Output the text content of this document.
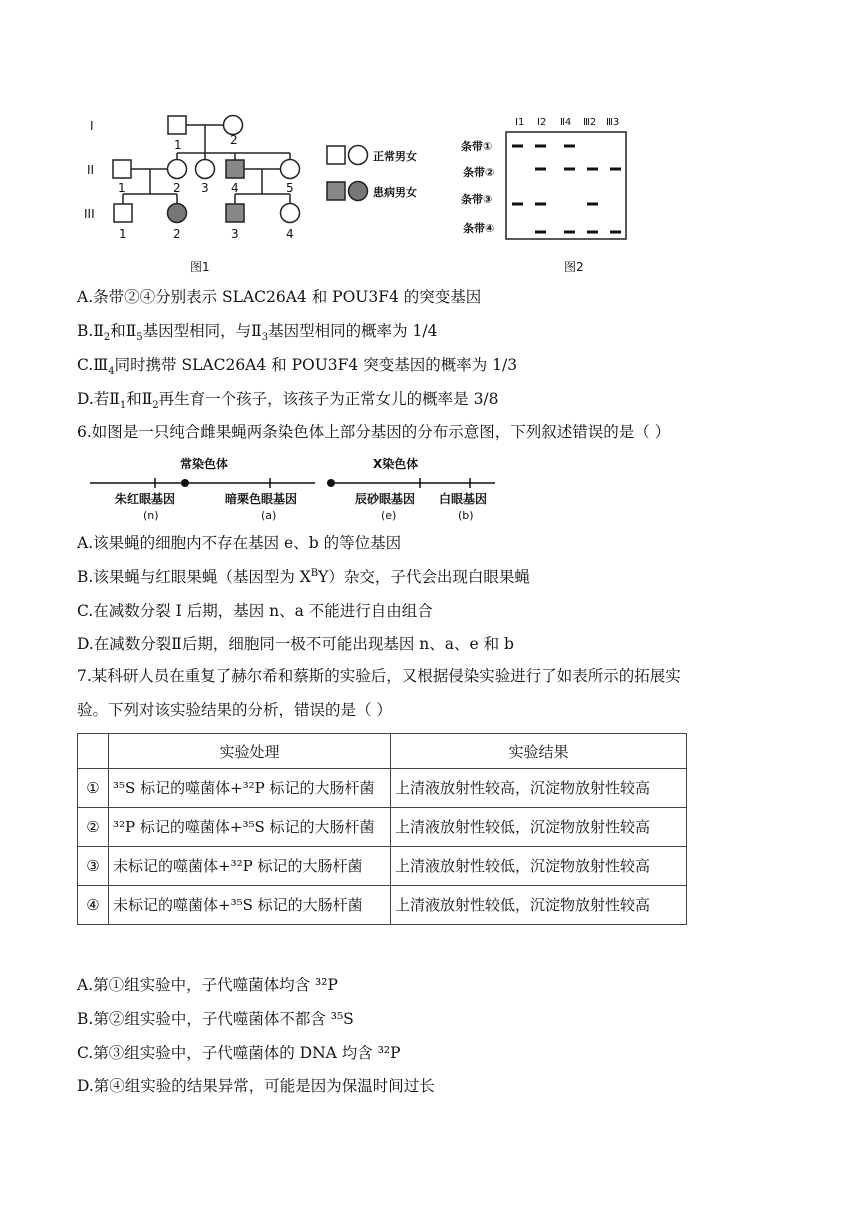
I
II
III
1	2
1	2 3 4	5
1	2	3	4
正常男女
患病男女
图1
Ⅰ1 Ⅰ2 Ⅱ4 Ⅲ2 Ⅲ3
条带①
条带②
条带③
条带④
图2
A.条带②④分别表示 SLAC26A4 和 POU3F4 的突变基因
$B.Ⅱ_2$和$Ⅱ_5$基因型相同，与$Ⅱ_3$基因型相同的概率为 1/4
$C.Ⅲ_4$同时携带 SLAC26A4 和 POU3F4 突变基因的概率为 1/3
D.若$Ⅱ_1$和$Ⅱ_2$再生育一个孩子，该孩子为正常女儿的概率是 3/8
6.如图是一只纯合雌果蝇两条染色体上部分基因的分布示意图，下列叙述错误的是（ ）
常染色体	X染色体
朱红眼基因	暗栗色眼基因	辰砂眼基因 白眼基因
(n)	(a)	(e)	(b)
A.该果蝇的细胞内不存在基因 e、b 的等位基因
B.该果蝇与红眼果蝇（基因型为 $X^BY$）杂交，子代会出现白眼果蝇
C.在减数分裂 I 后期，基因 n、a 不能进行自由组合
D.在减数分裂Ⅱ后期，细胞同一极不可能出现基因 n、a、e 和 b
7.某科研人员在重复了赫尔希和蔡斯的实验后，又根据侵染实验进行了如表所示的拓展实
验。下列对该实验结果的分析，错误的是（ ）
	实验处理	实验结果
①	³⁵S 标记的噬菌体+³²P 标记的大肠杆菌	上清液放射性较高，沉淀物放射性较高
②	³²P 标记的噬菌体+³⁵S 标记的大肠杆菌	上清液放射性较低，沉淀物放射性较高
③	未标记的噬菌体+³²P 标记的大肠杆菌	上清液放射性较低，沉淀物放射性较高
④	未标记的噬菌体+³⁵S 标记的大肠杆菌	上清液放射性较低，沉淀物放射性较高
A.第①组实验中，子代噬菌体均含 ³²P
B.第②组实验中，子代噬菌体不都含 ³⁵S
C.第③组实验中，子代噬菌体的 DNA 均含 ³²P
D.第④组实验的结果异常，可能是因为保温时间过长
